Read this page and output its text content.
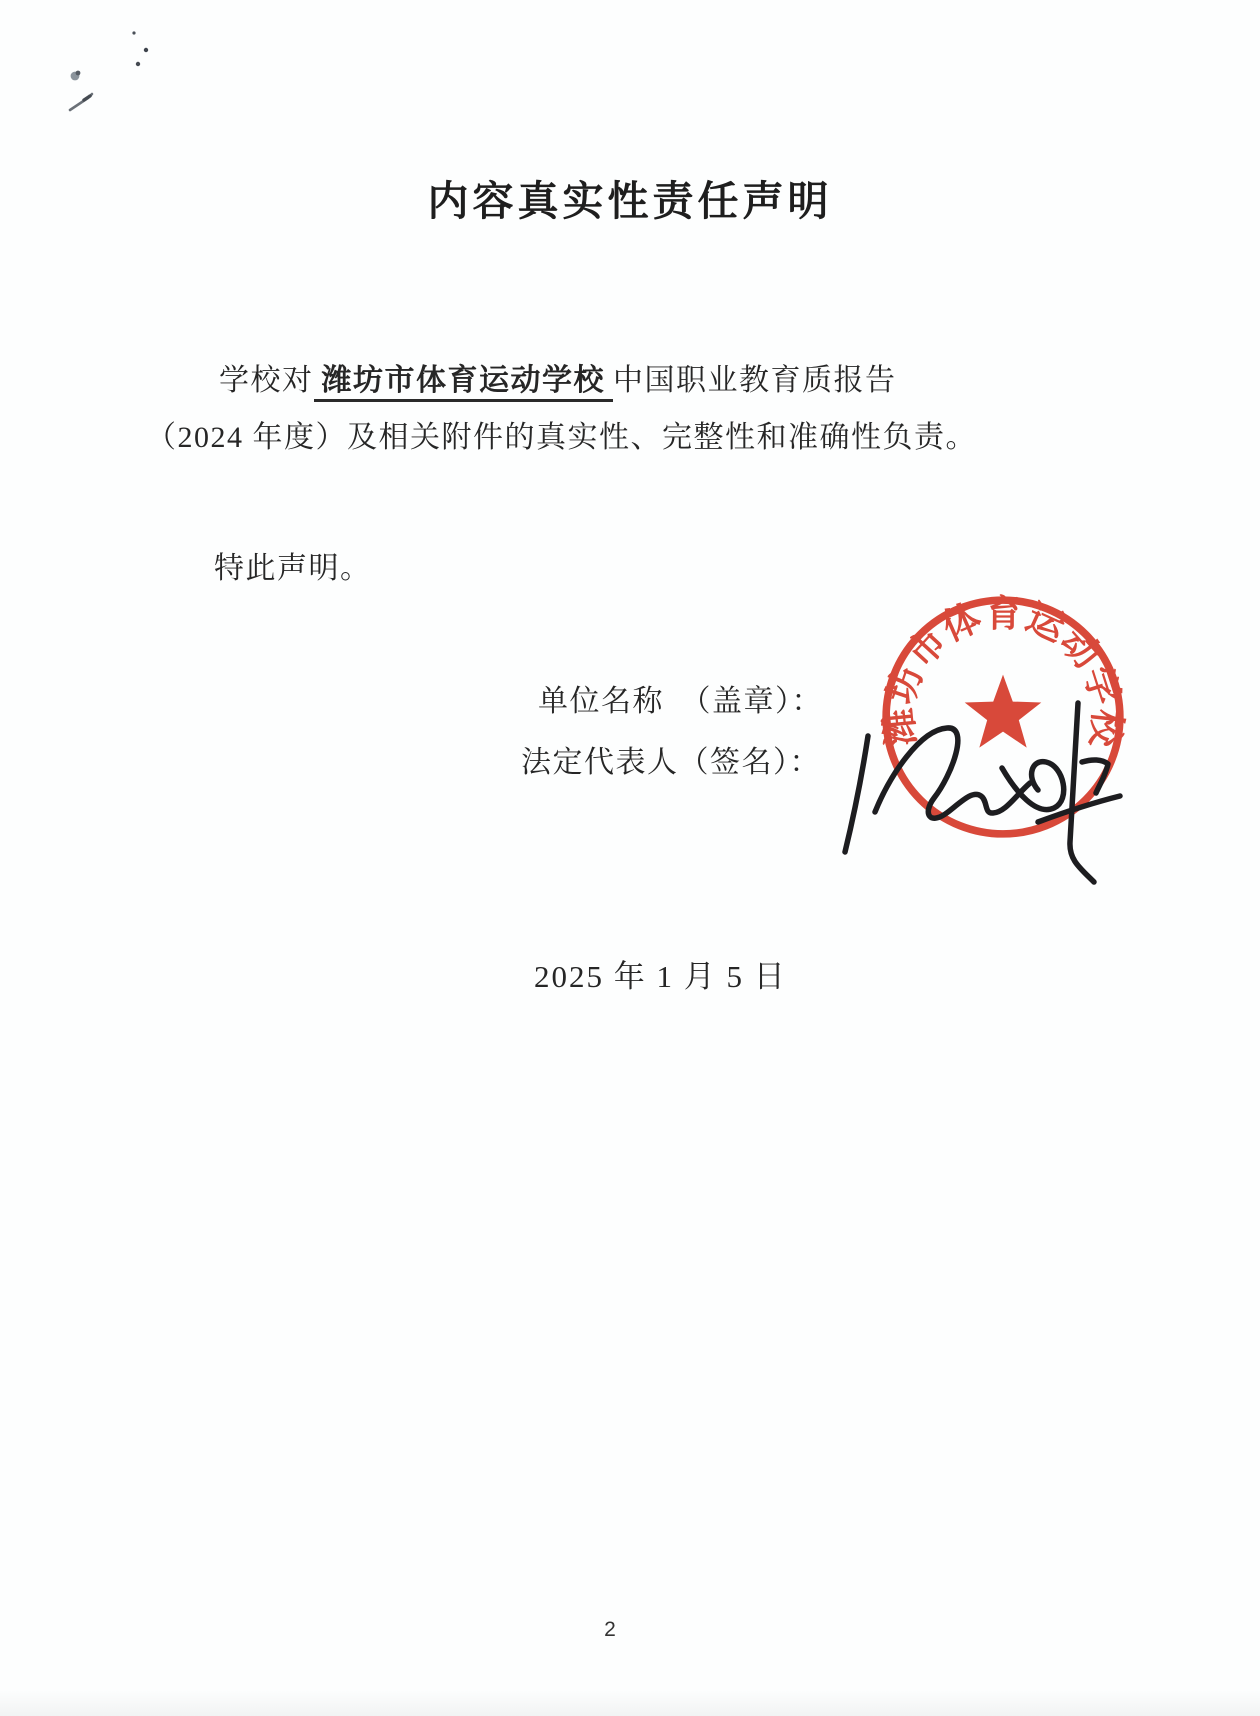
内容真实性责任声明
学校对 潍坊市体育运动学校 中国职业教育质报告
（2024 年度）及相关附件的真实性、完整性和准确性负责。
特此声明。
单位名称　（盖章）：
法定代表人（签名）：
潍坊市体育运动学校
2025 年 1 月 5 日
2
